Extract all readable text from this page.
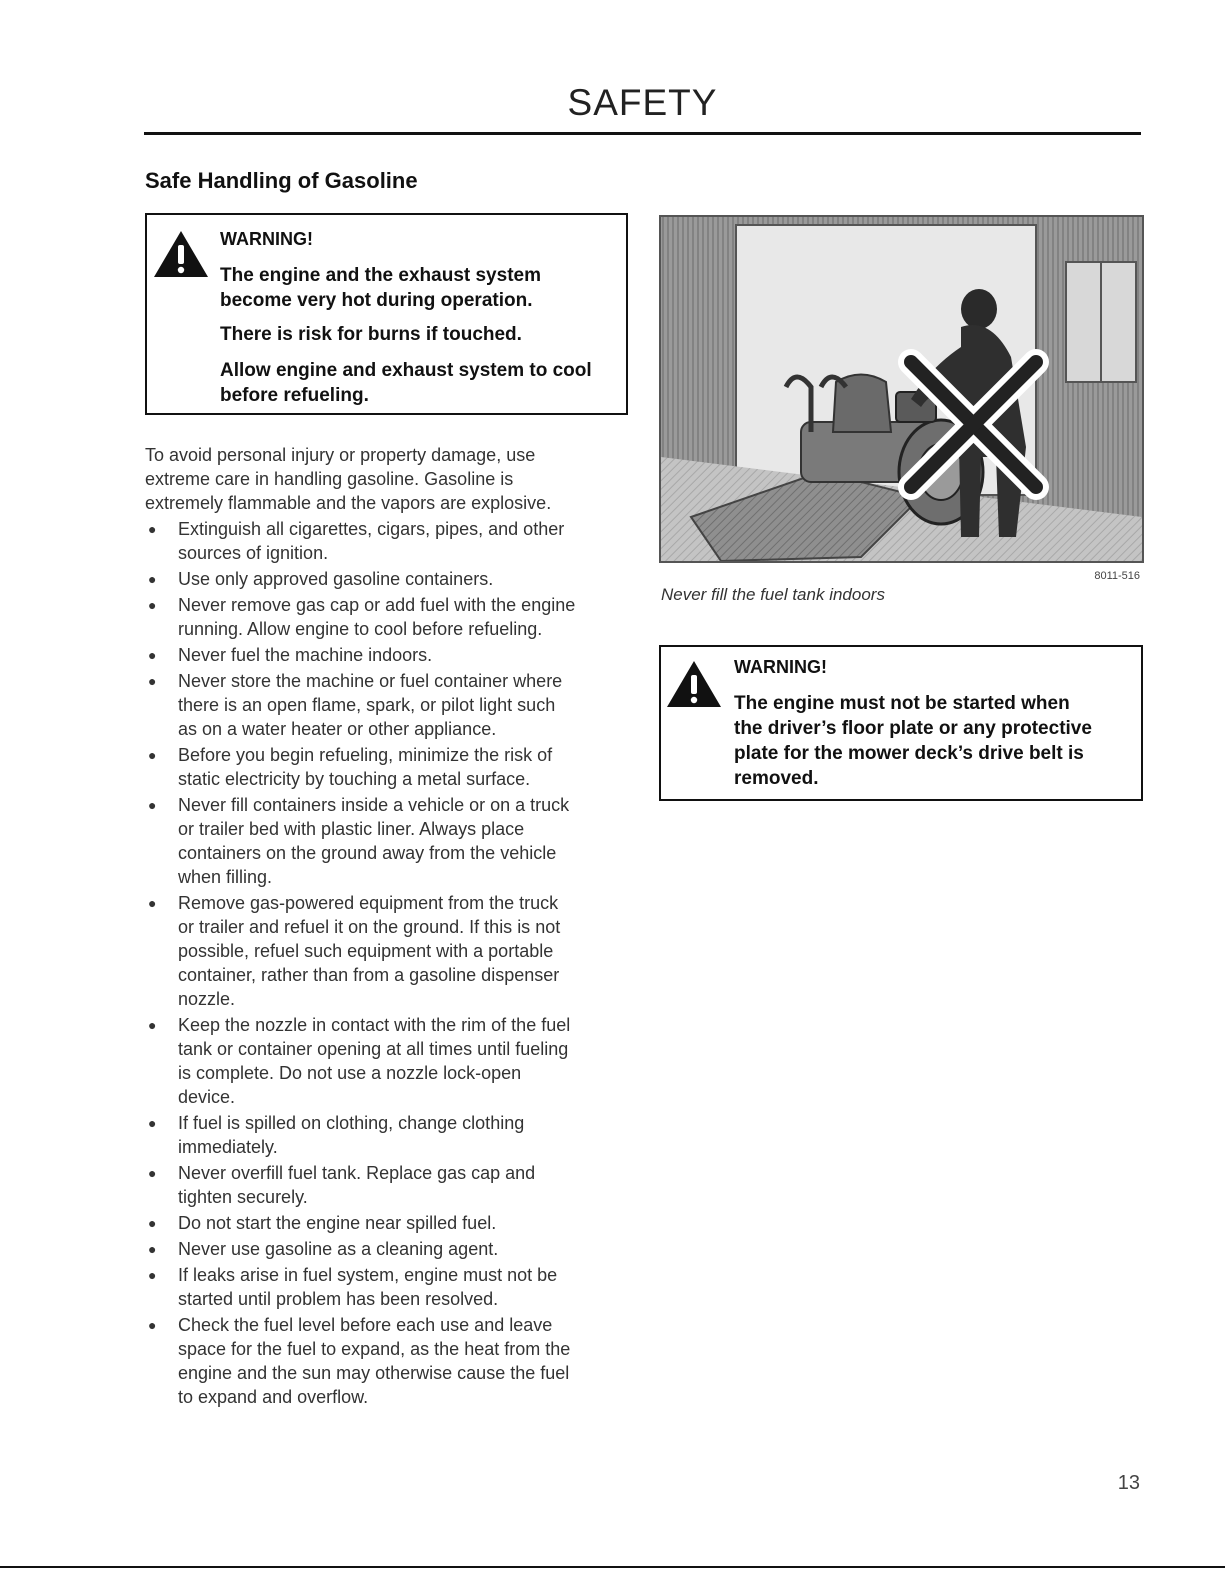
SAFETY
Safe Handling of Gasoline
WARNING!
The engine and the exhaust system
become very hot during operation.
There is risk for burns if touched.
Allow engine and exhaust system to cool
before refueling.
To avoid personal injury or property damage, use
extreme care in handling gasoline. Gasoline is
extremely flammable and the vapors are explosive.
● Extinguish all cigarettes, cigars, pipes, and other
sources of ignition.
● Use only approved gasoline containers.
● Never remove gas cap or add fuel with the engine
running. Allow engine to cool before refueling.
● Never fuel the machine indoors.
● Never store the machine or fuel container where
there is an open flame, spark, or pilot light such
as on a water heater or other appliance.
● Before you begin refueling, minimize the risk of
static electricity by touching a metal surface.
● Never fill containers inside a vehicle or on a truck
or trailer bed with plastic liner. Always place
containers on the ground away from the vehicle
when filling.
● Remove gas-powered equipment from the truck
or trailer and refuel it on the ground. If this is not
possible, refuel such equipment with a portable
container, rather than from a gasoline dispenser
nozzle.
● Keep the nozzle in contact with the rim of the fuel
tank or container opening at all times until fueling
is complete. Do not use a nozzle lock-open
device.
● If fuel is spilled on clothing, change clothing
immediately.
● Never overfill fuel tank. Replace gas cap and
tighten securely.
● Do not start the engine near spilled fuel.
● Never use gasoline as a cleaning agent.
● If leaks arise in fuel system, engine must not be
started until problem has been resolved.
● Check the fuel level before each use and leave
space for the fuel to expand, as the heat from the
engine and the sun may otherwise cause the fuel
to expand and overflow.
8011-516
Never fill the fuel tank indoors
WARNING!
The engine must not be started when
the driver’s floor plate or any protective
plate for the mower deck’s drive belt is
removed.
13
